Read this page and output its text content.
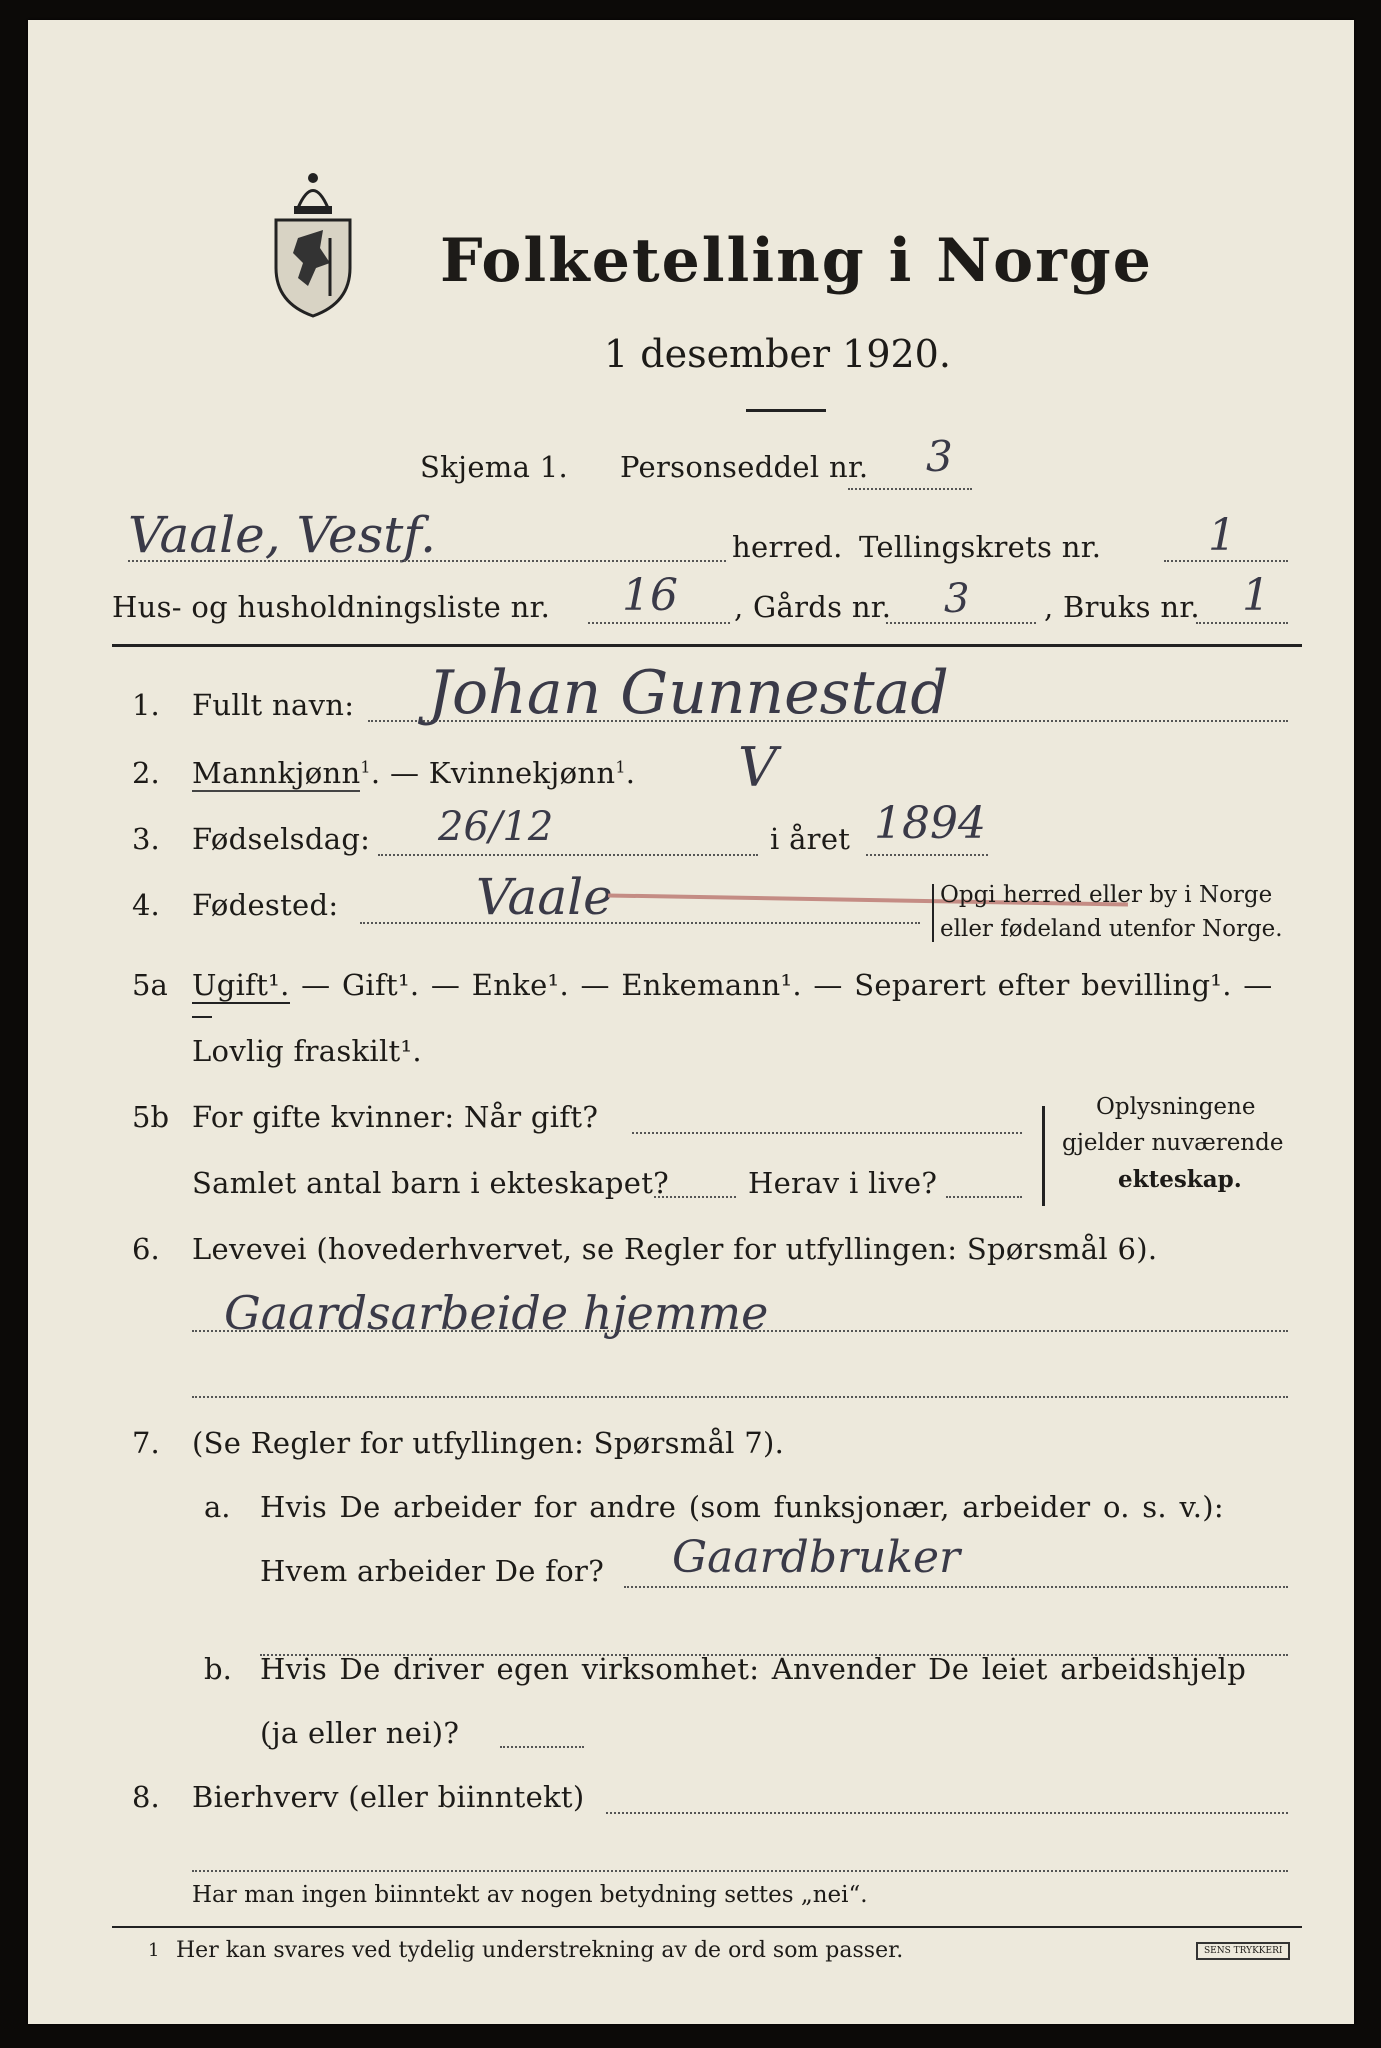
Folketelling i Norge
1 desember 1920.
Skjema 1. Personseddel nr. 3
Vaale, Vestf.	herred. Tellingskrets nr. 1
Hus- og husholdningsliste nr. 16 , Gårds nr. 3	, Bruks nr. 1
1. Fullt navn: Johan Gunnestad
2. Mannkjønn$^1$. — Kvinnekjønn$^1$. V
3. Fødselsdag: 26/12	i året 1894
4. Fødested:	Vaale	Opgi herred eller by i Norge
eller fødeland utenfor Norge.
5a Ugift¹. — Gift¹. — Enke¹. — Enkemann¹. — Separert efter bevilling¹. —
Lovlig fraskilt¹.
5b For gifte kvinner: Når gift?
Samlet antal barn i ekteskapet?	Herav i live?
Oplysningene
gjelder nuværende
ekteskap.
6. Levevei (hovederhvervet, se Regler for utfyllingen: Spørsmål 6).
Gaardsarbeide hjemme
7. (Se Regler for utfyllingen: Spørsmål 7).
a. Hvis De arbeider for andre (som funksjonær, arbeider o. s. v.):
Hvem arbeider De for? Gaardbruker
b. Hvis De driver egen virksomhet: Anvender De leiet arbeidshjelp
(ja eller nei)?
8. Bierhverv (eller biinntekt)
Har man ingen biinntekt av nogen betydning settes „nei“.
1 Her kan svares ved tydelig understrekning av de ord som passer.	SENS TRYKKERI
